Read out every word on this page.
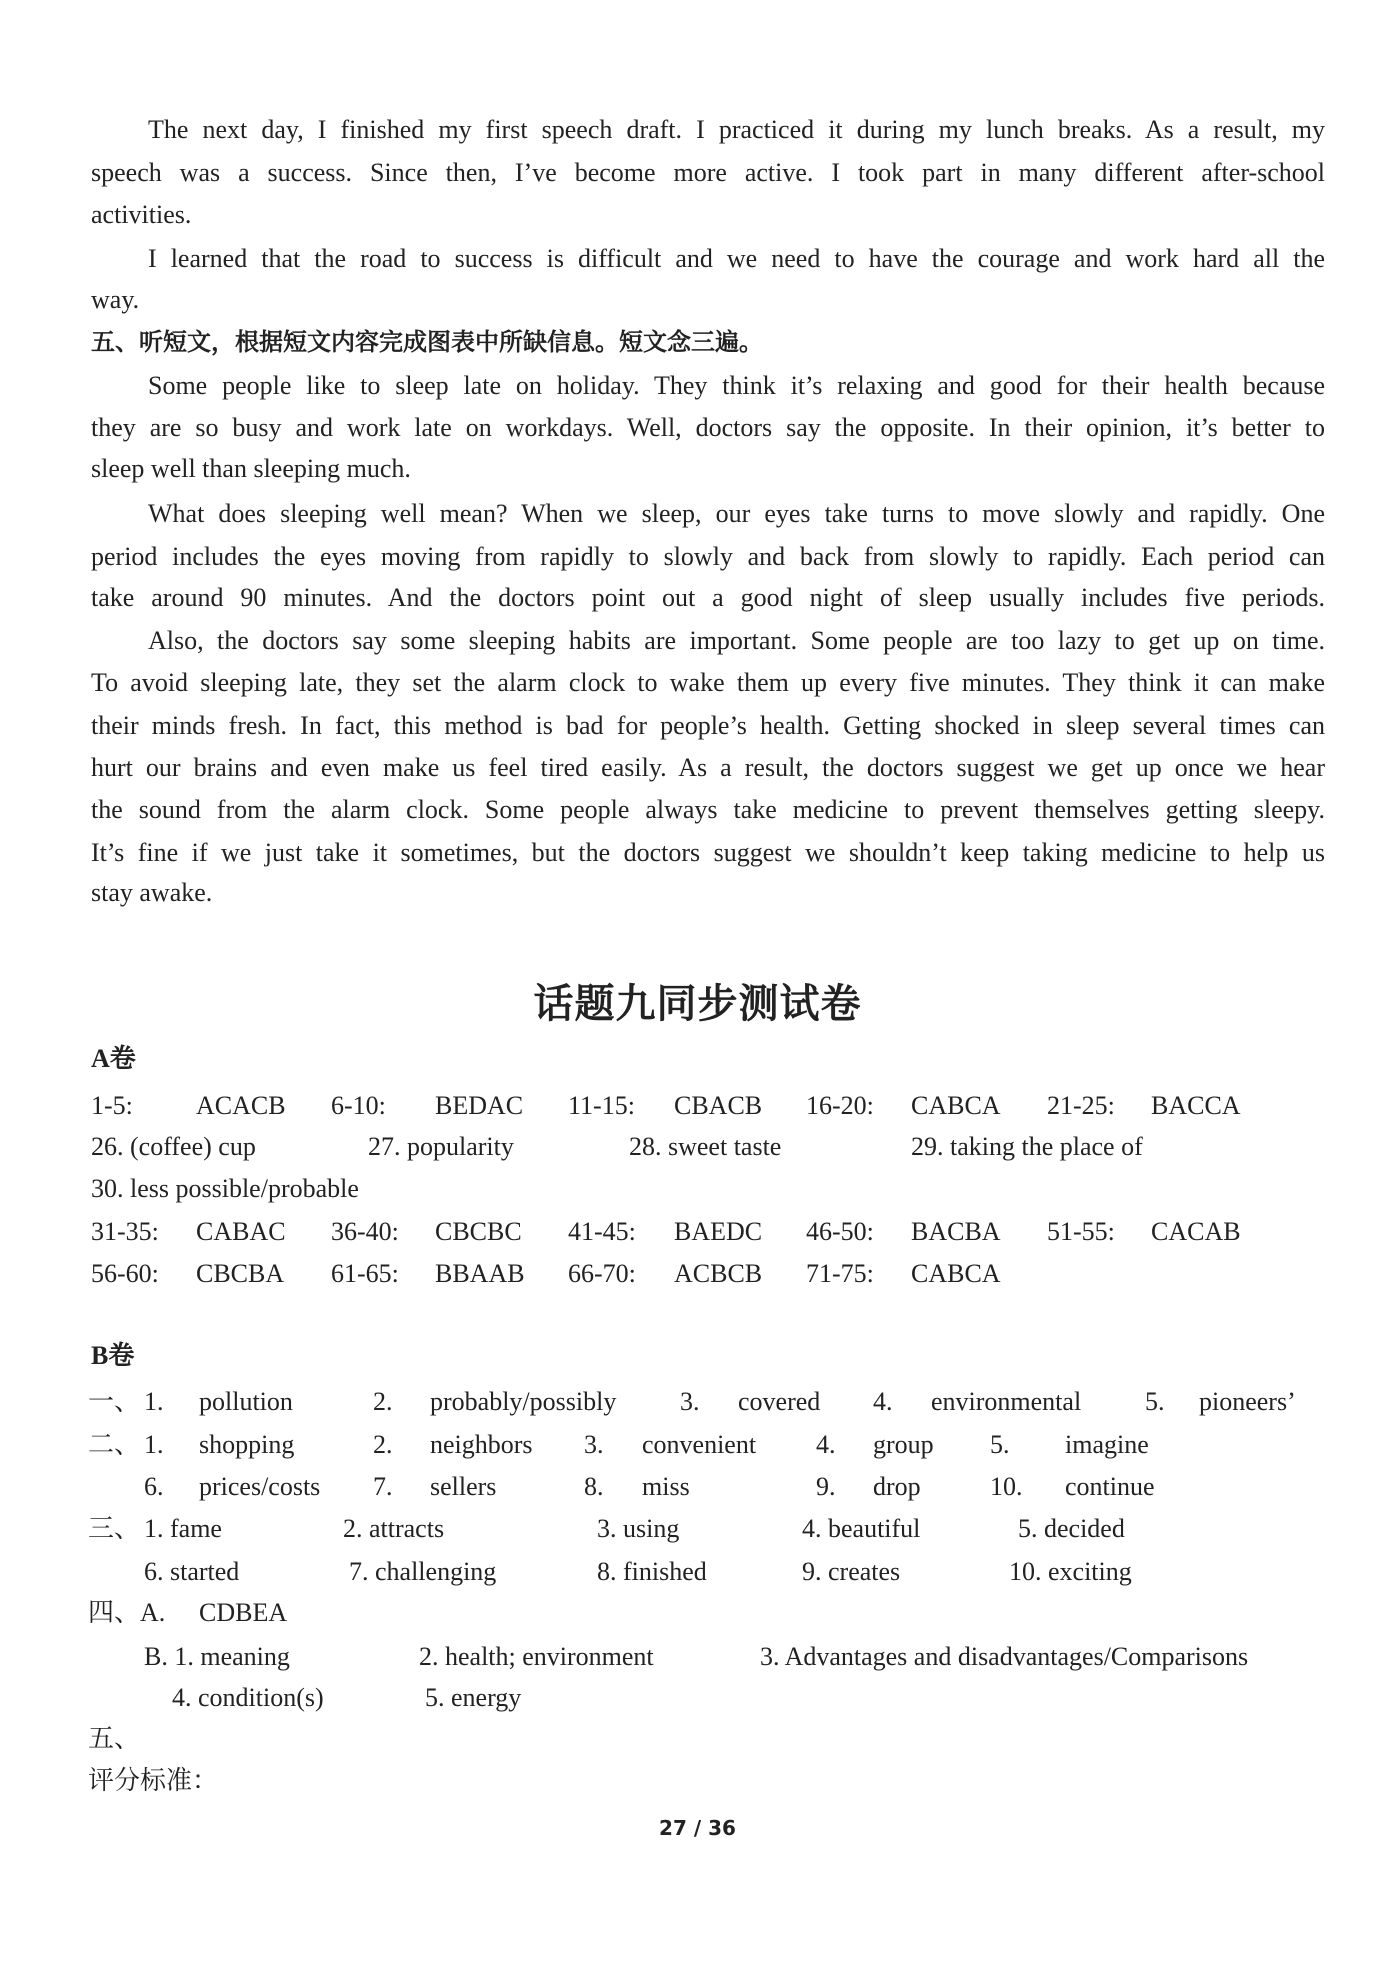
The next day, I finished my first speech draft. I practiced it during my lunch breaks. As a result, my
speech was a success. Since then, I’ve become more active. I took part in many different after-school
activities.
I learned that the road to success is difficult and we need to have the courage and work hard all the
way.
五、听短文，根据短文内容完成图表中所缺信息。短文念三遍。
Some people like to sleep late on holiday. They think it’s relaxing and good for their health because
they are so busy and work late on workdays. Well, doctors say the opposite. In their opinion, it’s better to
sleep well than sleeping much.
What does sleeping well mean? When we sleep, our eyes take turns to move slowly and rapidly. One
period includes the eyes moving from rapidly to slowly and back from slowly to rapidly. Each period can
take around 90 minutes. And the doctors point out a good night of sleep usually includes five periods.
Also, the doctors say some sleeping habits are important. Some people are too lazy to get up on time.
To avoid sleeping late, they set the alarm clock to wake them up every five minutes. They think it can make
their minds fresh. In fact, this method is bad for people’s health. Getting shocked in sleep several times can
hurt our brains and even make us feel tired easily. As a result, the doctors suggest we get up once we hear
the sound from the alarm clock. Some people always take medicine to prevent themselves getting sleepy.
It’s fine if we just take it sometimes, but the doctors suggest we shouldn’t keep taking medicine to help us
stay awake.
话题九同步测试卷
A卷
B卷
1-5: ACACB 6-10: BEDAC 11-15: CBACB 16-20: CABCA 21-25: BACCA
26. (coffee) cup	27. popularity	28. sweet taste	29. taking the place of
30. less possible/probable
31-35: CABAC 36-40: CBCBC 41-45: BAEDC 46-50: BACBA 51-55: CACAB
56-60: CBCBA 61-65: BBAAB 66-70: ACBCB 71-75: CABCA
一、 1. pollution	2. probably/possibly 3. covered 4. environmental 5. pioneers’
二、 1. shopping	2. neighbors 3. convenient 4. group 5. imagine
6. prices/costs 7. sellers	8. miss	9. drop	10. continue
三、 1. fame	2. attracts	3. using	4. beautiful	5. decided
6. started	7. challenging	8. finished	9. creates	10. exciting
四、A. CDBEA
B. 1. meaning	2. health; environment	3. Advantages and disadvantages/Comparisons
4. condition(s)	5. energy
五、
评分标准：
27 / 36
